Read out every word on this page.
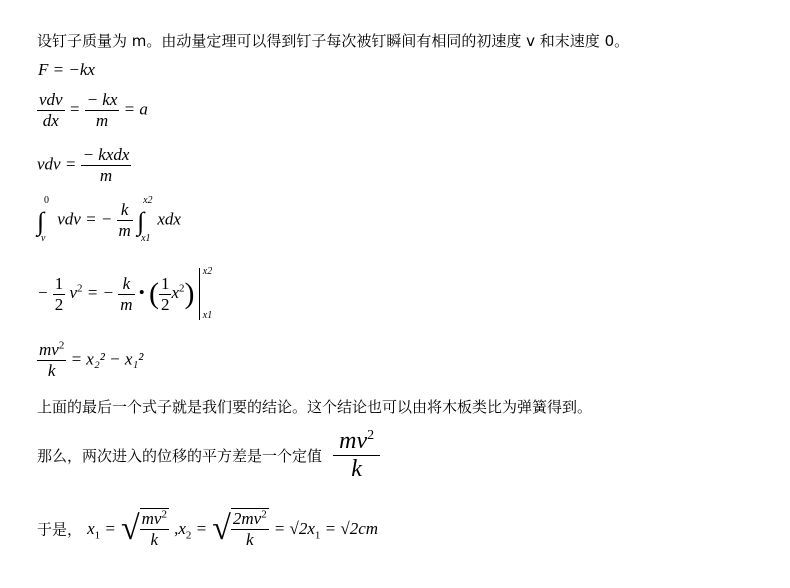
设钉子质量为 m。由动量定理可以得到钉子每次被钉瞬间有相同的初速度 v 和末速度 0。
F = −kx
$\frac{\text{vdv}}{dx} = \frac{- kx}{m} = a$
vdv = $\frac{\text{− kxdx}}{m}$
∫
0
v
vdv = − $\frac{k}{m}$
∫
x2
x1
xdx
− $\frac{1}{2} v^2$ = − $\frac{k}{m}$ • ( $\frac{1}{2} x^2$)
x2
x1
$\frac{mv^2}{k} = x_2^2 - x_1^2$
上面的最后一个式子就是我们要的结论。这个结论也可以由将木板类比为弹簧得到。
那么，两次进入的位移的平方差是一个定值 $\frac{mv^2}{k}$
于是， $x_1$ = √ $\frac{mv^2}{k} ,x_2$ = √ $\frac{2mv^2}{k} = √2x_1 = √2cm$
